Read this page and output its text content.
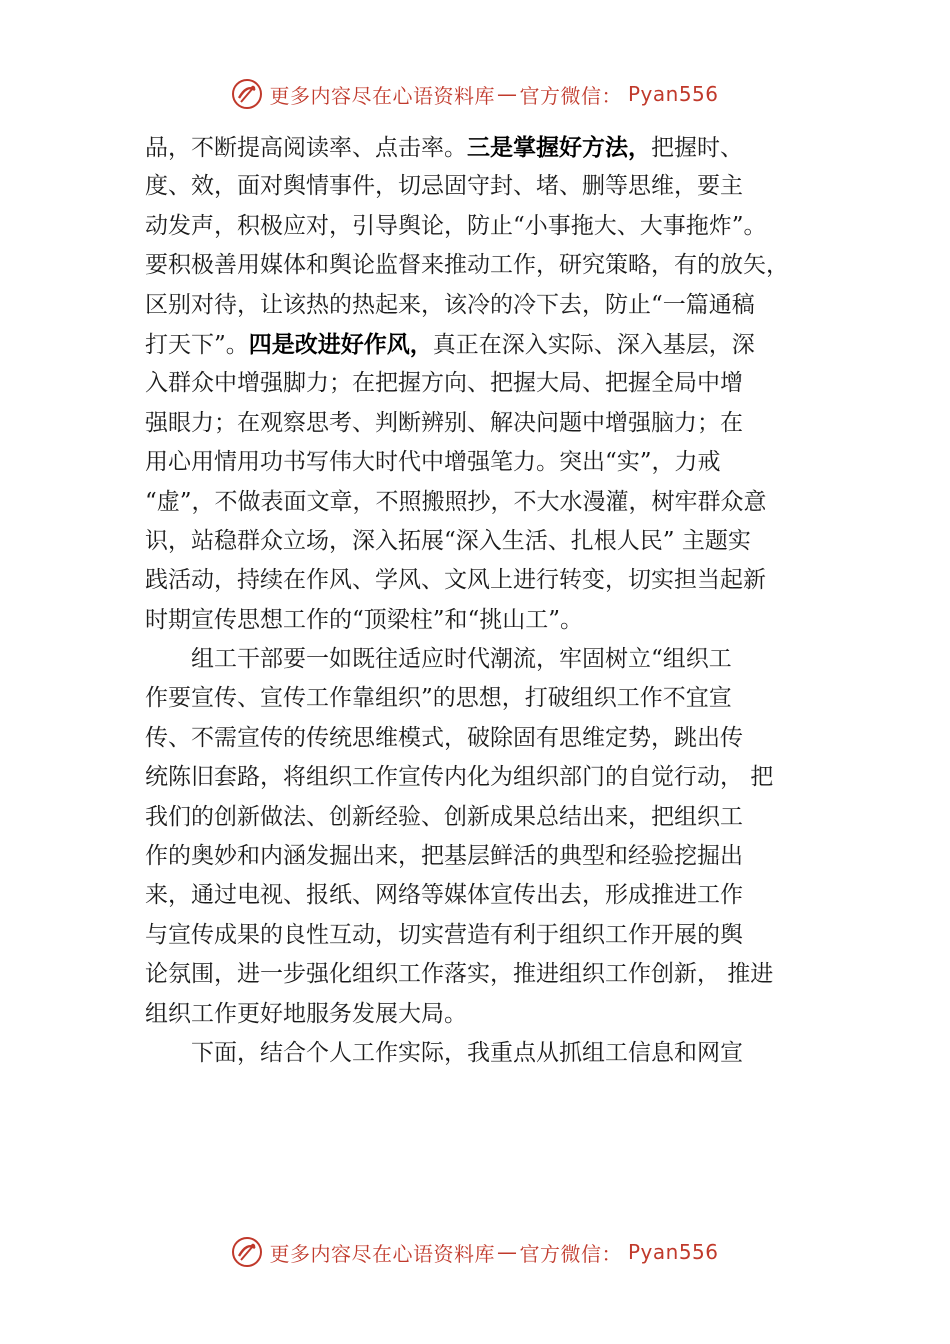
更多内容尽在心语资料库 — 官方微信： Pyan556
品，不断提高阅读率、点击率。三是掌握好方法，把握时、
度、效，面对舆情事件，切忌固守封、堵、删等思维，要主
动发声，积极应对，引导舆论，防止“小事拖大、大事拖炸”。
要积极善用媒体和舆论监督来推动工作，研究策略，有的放矢，
区别对待，让该热的热起来，该冷的冷下去，防止“一篇通稿
打天下”。四是改进好作风，真正在深入实际、深入基层，深
入群众中增强脚力；在把握方向、把握大局、把握全局中增
强眼力；在观察思考、判断辨别、解决问题中增强脑力；在
用心用情用功书写伟大时代中增强笔力。突出“实”，力戒
“虚”，不做表面文章，不照搬照抄，不大水漫灌，树牢群众意
识，站稳群众立场，深入拓展“深入生活、扎根人民” 主题实
践活动，持续在作风、学风、文风上进行转变，切实担当起新
时期宣传思想工作的“顶梁柱”和“挑山工”。
组工干部要一如既往适应时代潮流，牢固树立“组织工
作要宣传、宣传工作靠组织”的思想，打破组织工作不宜宣
传、不需宣传的传统思维模式，破除固有思维定势，跳出传
统陈旧套路，将组织工作宣传内化为组织部门的自觉行动， 把
我们的创新做法、创新经验、创新成果总结出来，把组织工
作的奥妙和内涵发掘出来，把基层鲜活的典型和经验挖掘出
来，通过电视、报纸、网络等媒体宣传出去，形成推进工作
与宣传成果的良性互动，切实营造有利于组织工作开展的舆
论氛围，进一步强化组织工作落实，推进组织工作创新， 推进
组织工作更好地服务发展大局。
下面，结合个人工作实际，我重点从抓组工信息和网宣
更多内容尽在心语资料库 — 官方微信： Pyan556
